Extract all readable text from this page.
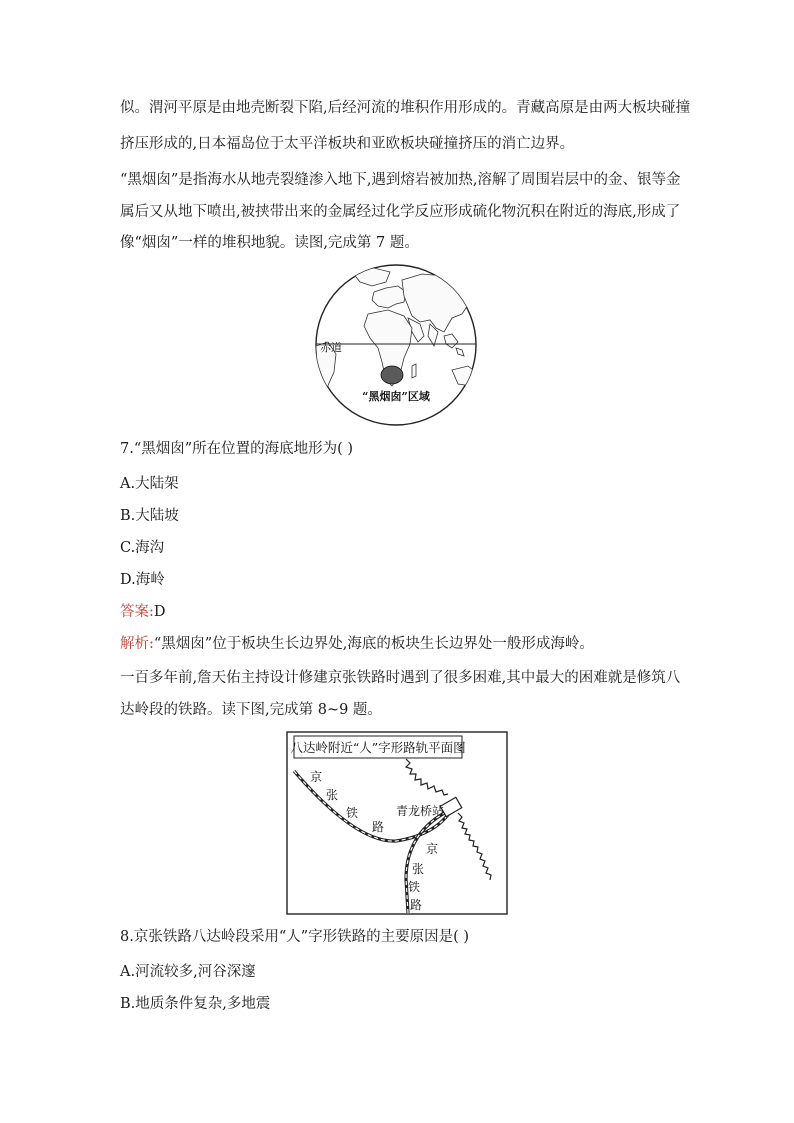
似。渭河平原是由地壳断裂下陷,后经河流的堆积作用形成的。青藏高原是由两大板块碰撞
挤压形成的,日本福岛位于太平洋板块和亚欧板块碰撞挤压的消亡边界。
“黑烟囱”是指海水从地壳裂缝渗入地下,遇到熔岩被加热,溶解了周围岩层中的金、银等金
属后又从地下喷出,被挟带出来的金属经过化学反应形成硫化物沉积在附近的海底,形成了
像“烟囱”一样的堆积地貌。读图,完成第 7 题。
赤道
“黑烟囱”区域
7.“黑烟囱”所在位置的海底地形为( )
A.大陆架
B.大陆坡
C.海沟
D.海岭
答案:D
解析:“黑烟囱”位于板块生长边界处,海底的板块生长边界处一般形成海岭。
一百多年前,詹天佑主持设计修建京张铁路时遇到了很多困难,其中最大的困难就是修筑八
达岭段的铁路。读下图,完成第 8~9 题。
八达岭附近“人”字形路轨平面图
京
张
铁
路
青龙桥站
京
张
铁
路
8.京张铁路八达岭段采用“人”字形铁路的主要原因是( )
A.河流较多,河谷深邃
B.地质条件复杂,多地震
